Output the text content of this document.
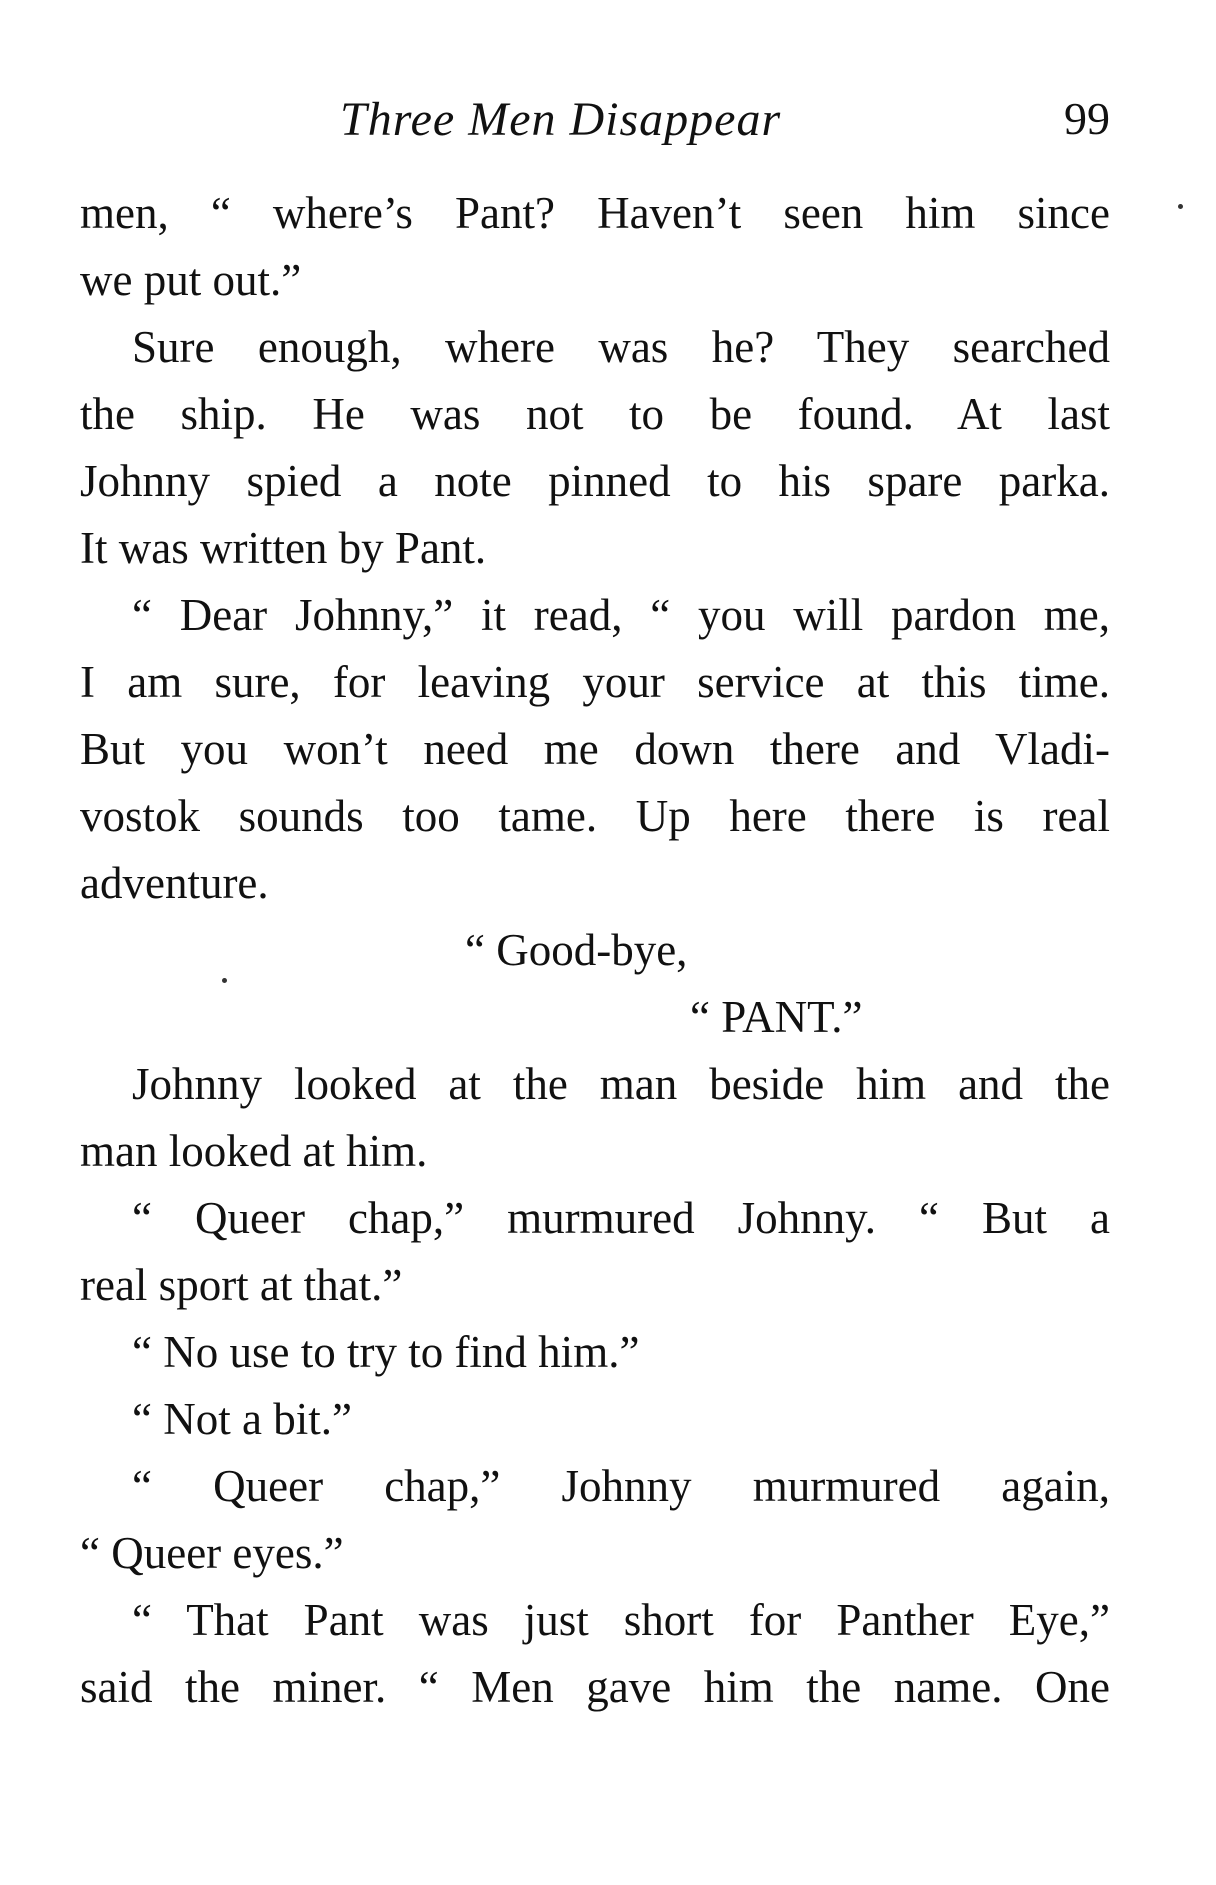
Three Men Disappear	99
men, “ where’s Pant? Haven’t seen him since
we put out.”
Sure enough, where was he? They searched
the ship. He was not to be found. At last
Johnny spied a note pinned to his spare parka.
It was written by Pant.
“ Dear Johnny,” it read, “ you will pardon me,
I am sure, for leaving your service at this time.
But you won’t need me down there and Vladi-
vostok sounds too tame. Up here there is real
adventure.
“ Good-bye,
“ PANT.”
Johnny looked at the man beside him and the
man looked at him.
“ Queer chap,” murmured Johnny. “ But a
real sport at that.”
“ No use to try to find him.”
“ Not a bit.”
“ Queer chap,” Johnny murmured again,
“ Queer eyes.”
“ That Pant was just short for Panther Eye,”
said the miner. “ Men gave him the name. One
